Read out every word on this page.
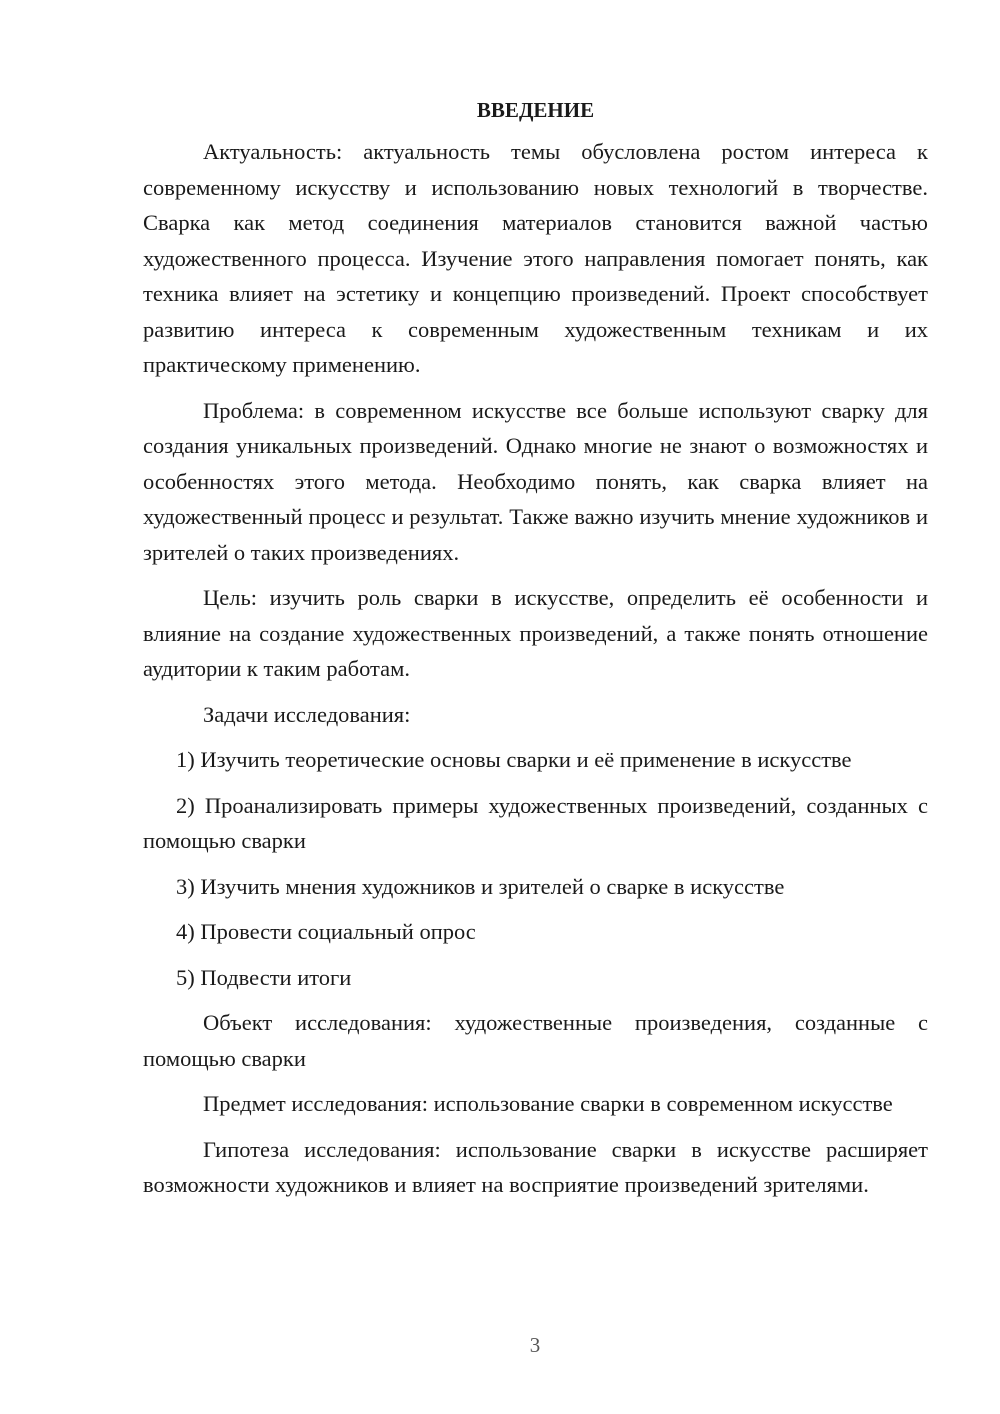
ВВЕДЕНИЕ

Актуальность: актуальность темы обусловлена ростом интереса к современному искусству и использованию новых технологий в творчестве. Сварка как метод соединения материалов становится важной частью художественного процесса. Изучение этого направления помогает понять, как техника влияет на эстетику и концепцию произведений. Проект способствует развитию интереса к современным художественным техникам и их практическому применению.

Проблема: в современном искусстве все больше используют сварку для создания уникальных произведений. Однако многие не знают о возможностях и особенностях этого метода. Необходимо понять, как сварка влияет на художественный процесс и результат. Также важно изучить мнение художников и зрителей о таких произведениях.

Цель: изучить роль сварки в искусстве, определить её особенности и влияние на создание художественных произведений, а также понять отношение аудитории к таким работам.

Задачи исследования:

1) Изучить теоретические основы сварки и её применение в искусстве

2) Проанализировать примеры художественных произведений, созданных с помощью сварки

3) Изучить мнения художников и зрителей о сварке в искусстве

4) Провести социальный опрос

5) Подвести итоги

Объект исследования: художественные произведения, созданные с помощью сварки

Предмет исследования: использование сварки в современном искусстве

Гипотеза исследования: использование сварки в искусстве расширяет возможности художников и влияет на восприятие произведений зрителями.

3
